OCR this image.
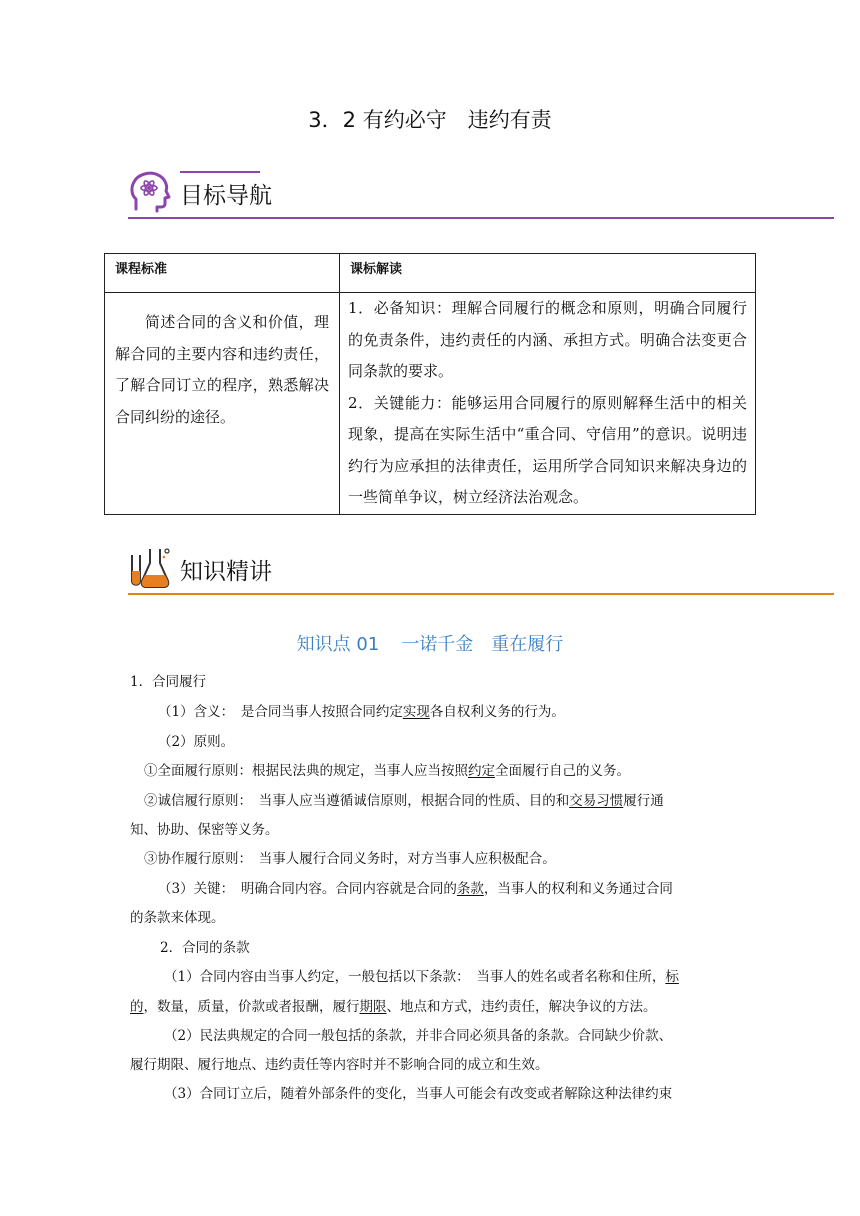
3．2 有约必守　违约有责
目标导航
课程标准	课标解读

简述合同的含义和价值，理解合同的主要内容和违约责任，了解合同订立的程序，熟悉解决合同纠纷的途径。	1．必备知识：理解合同履行的概念和原则，明确合同履行的免责条件，违约责任的内涵、承担方式。明确合法变更合同条款的要求。

2．关键能力：能够运用合同履行的原则解释生活中的相关现象，提高在实际生活中“重合同、守信用”的意识。说明违约行为应承担的法律责任，运用所学合同知识来解决身边的一些简单争议，树立经济法治观念。

知识精讲
知识点 01 一诺千金　重在履行
1．合同履行
（1）含义：　是合同当事人按照合同约定实现各自权利义务的行为。
（2）原则。
①全面履行原则：根据民法典的规定，当事人应当按照约定全面履行自己的义务。
②诚信履行原则：　当事人应当遵循诚信原则，根据合同的性质、目的和交易习惯履行通
知、协助、保密等义务。
③协作履行原则：　当事人履行合同义务时，对方当事人应积极配合。
（3）关键：　明确合同内容。合同内容就是合同的条款，当事人的权利和义务通过合同
的条款来体现。
2．合同的条款
（1）合同内容由当事人约定，一般包括以下条款：　当事人的姓名或者名称和住所，标
的，数量，质量，价款或者报酬，履行期限、地点和方式，违约责任，解决争议的方法。
（2）民法典规定的合同一般包括的条款，并非合同必须具备的条款。合同缺少价款、
履行期限、履行地点、违约责任等内容时并不影响合同的成立和生效。
（3）合同订立后，随着外部条件的变化，当事人可能会有改变或者解除这种法律约束
